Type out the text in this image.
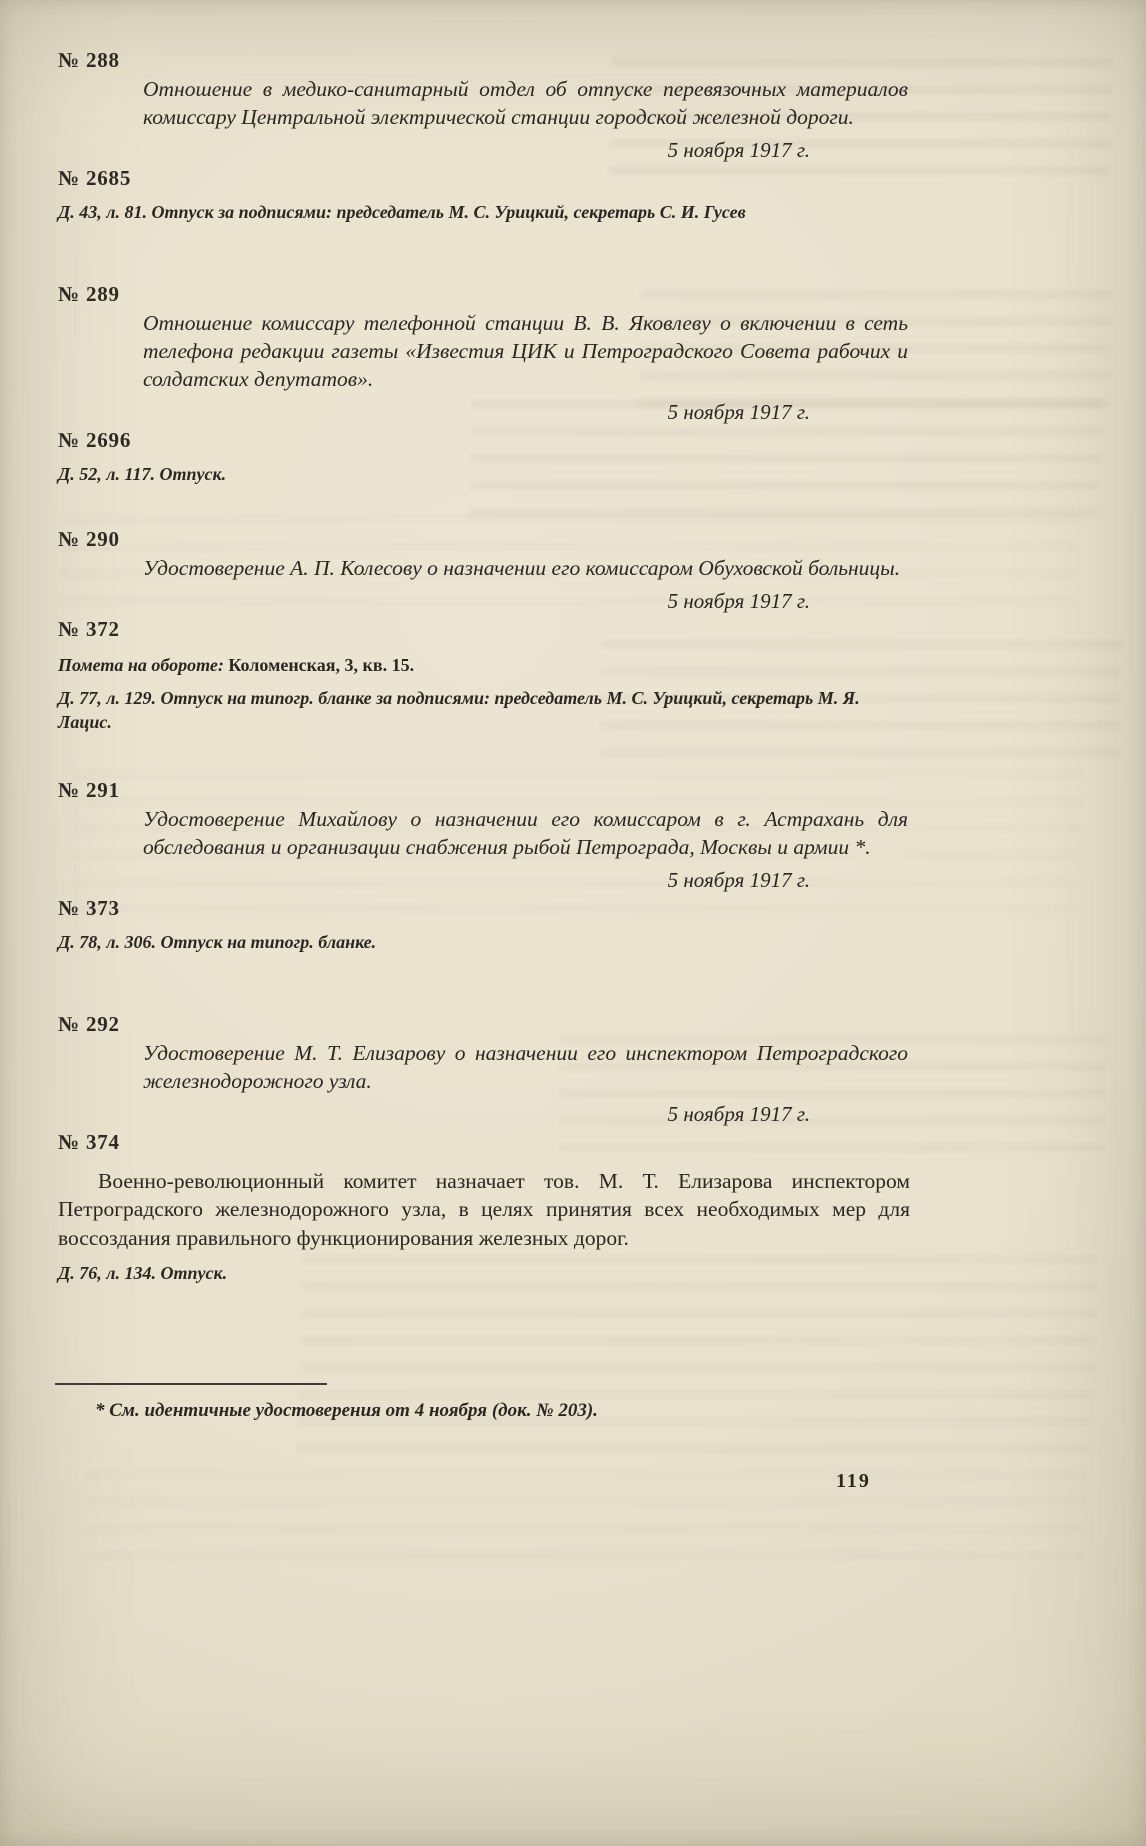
№ 288
Отношение в медико-санитарный отдел об отпуске перевязочных материалов комиссару Центральной электрической станции городской железной дороги.
5 ноября 1917 г.
№ 2685
Д. 43, л. 81. Отпуск за подписями: председатель М. С. Урицкий, секретарь С. И. Гусев
№ 289
Отношение комиссару телефонной станции В. В. Яковлеву о включении в сеть телефона редакции газеты «Известия ЦИК и Петроградского Совета рабочих и солдатских депутатов».
5 ноября 1917 г.
№ 2696
Д. 52, л. 117. Отпуск.
№ 290
Удостоверение А. П. Колесову о назначении его комиссаром Обуховской больницы.
5 ноября 1917 г.
№ 372
Помета на обороте: Коломенская, 3, кв. 15.
Д. 77, л. 129. Отпуск на типогр. бланке за подписями: председатель М. С. Урицкий, секретарь М. Я. Лацис.
№ 291
Удостоверение Михайлову о назначении его комиссаром в г. Астрахань для обследования и организации снабжения рыбой Петрограда, Москвы и армии *.
5 ноября 1917 г.
№ 373
Д. 78, л. 306. Отпуск на типогр. бланке.
№ 292
Удостоверение М. Т. Елизарову о назначении его инспектором Петроградского железнодорожного узла.
5 ноября 1917 г.
№ 374
Военно-революционный комитет назначает тов. М. Т. Елизарова инспектором Петроградского железнодорожного узла, в целях принятия всех необходимых мер для воссоздания правильного функционирования железных дорог.
Д. 76, л. 134. Отпуск.
* См. идентичные удостоверения от 4 ноября (док. № 203).
119
